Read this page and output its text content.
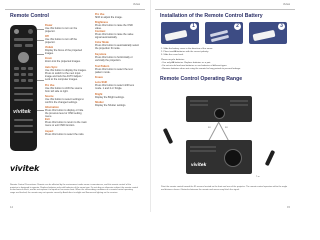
Vivitek
Remote Control
vivitek
Power
Use this button to turn on the projector.
Off
Use this button to turn off the projector.
Vivitek
Display the focus of the projected images.
Zoom
Zoom into the projected images.
Auto Sync
Use this button to display the images. Press to switch to the next input image and lock the AUTO Adjust / Lock to the computer images.
Pro Vue
Use this button to shift the source from left side to right.
Source
Use this button to select settings to confirm the changed settings.
Information
Press this button to display or hide the previous level or OSD setting menu.
Exit
Press this button to return to the main menu or exit OSD function.
Aspect
Press this button to select the ratio.
Pro Vue
Shift to adjust the image.
Brightness
Press this button to raise the OSD value.
Contrast
Press this button to raise the value signal automatically.
Color Mode
Press this button to automatically select the projection fit mode.
Keystone
Press this button to horizontally or vertically the projection.
Test Pattern
Press this button to select the test pattern mode.
Freeze
Lens Shift
Press this button to select shift lens mode. 1 and 2 or Single.
Bright
Display the Bright settings.
Shutter
Display the Shutter settings.
vivitek
Remote Control Precautions: Remote can be affected by the environment under some circumstances, and this remote control of the projector is designed to operate. Replace batteries only with batteries of the same type. Do not drop or otherwise subject the remote control to mechanical shock, and do not expose it to liquids or excessive heat. When the surrounding conditions of a remote control operating range are blocked, the remote may not operate correctly. Avoid direct sunlight and fluorescent lighting on the receiver.
14
Vivitek
Installation of the Remote Control Battery
1	2	3
1. Slide the battery cover in the direction of the arrow.
2. Place two AA batteries with the correct polarity.
3. Slide the cover back.
Please recycle batteries.
- Use only AA batteries. Replace batteries as a pair.
- Do not mix old and new batteries or use batteries of different types.
- Remove batteries when not using the remote for long periods to prevent leakage.
Remote Control Operating Range
30°	30°
vivitek
7 m
Point the remote control toward the IR sensors located on the front and rear of the projector. The remote control operates within the angle and distance shown. Obstacles between the remote and sensor may block the signal.
15
